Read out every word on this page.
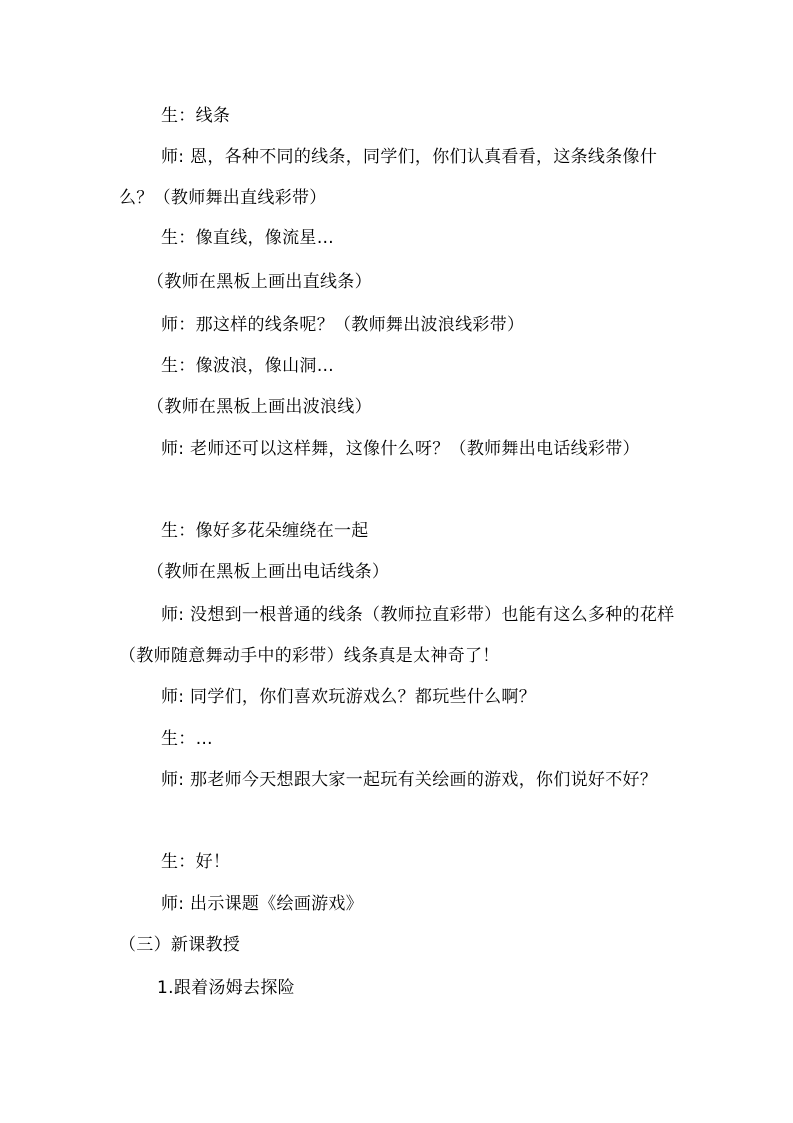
生：线条
师: 恩，各种不同的线条，同学们，你们认真看看，这条线条像什么？（教师舞出直线彩带）
生：像直线，像流星…
（教师在黑板上画出直线条）
师：那这样的线条呢？（教师舞出波浪线彩带）
生：像波浪，像山洞…
（教师在黑板上画出波浪线）
师: 老师还可以这样舞，这像什么呀？（教师舞出电话线彩带）
生：像好多花朵缠绕在一起
（教师在黑板上画出电话线条）
师: 没想到一根普通的线条（教师拉直彩带）也能有这么多种的花样（教师随意舞动手中的彩带）线条真是太神奇了！
师: 同学们，你们喜欢玩游戏么？都玩些什么啊？
生：…
师: 那老师今天想跟大家一起玩有关绘画的游戏，你们说好不好？
生：好！
师: 出示课题《绘画游戏》
（三）新课教授
1.跟着汤姆去探险
